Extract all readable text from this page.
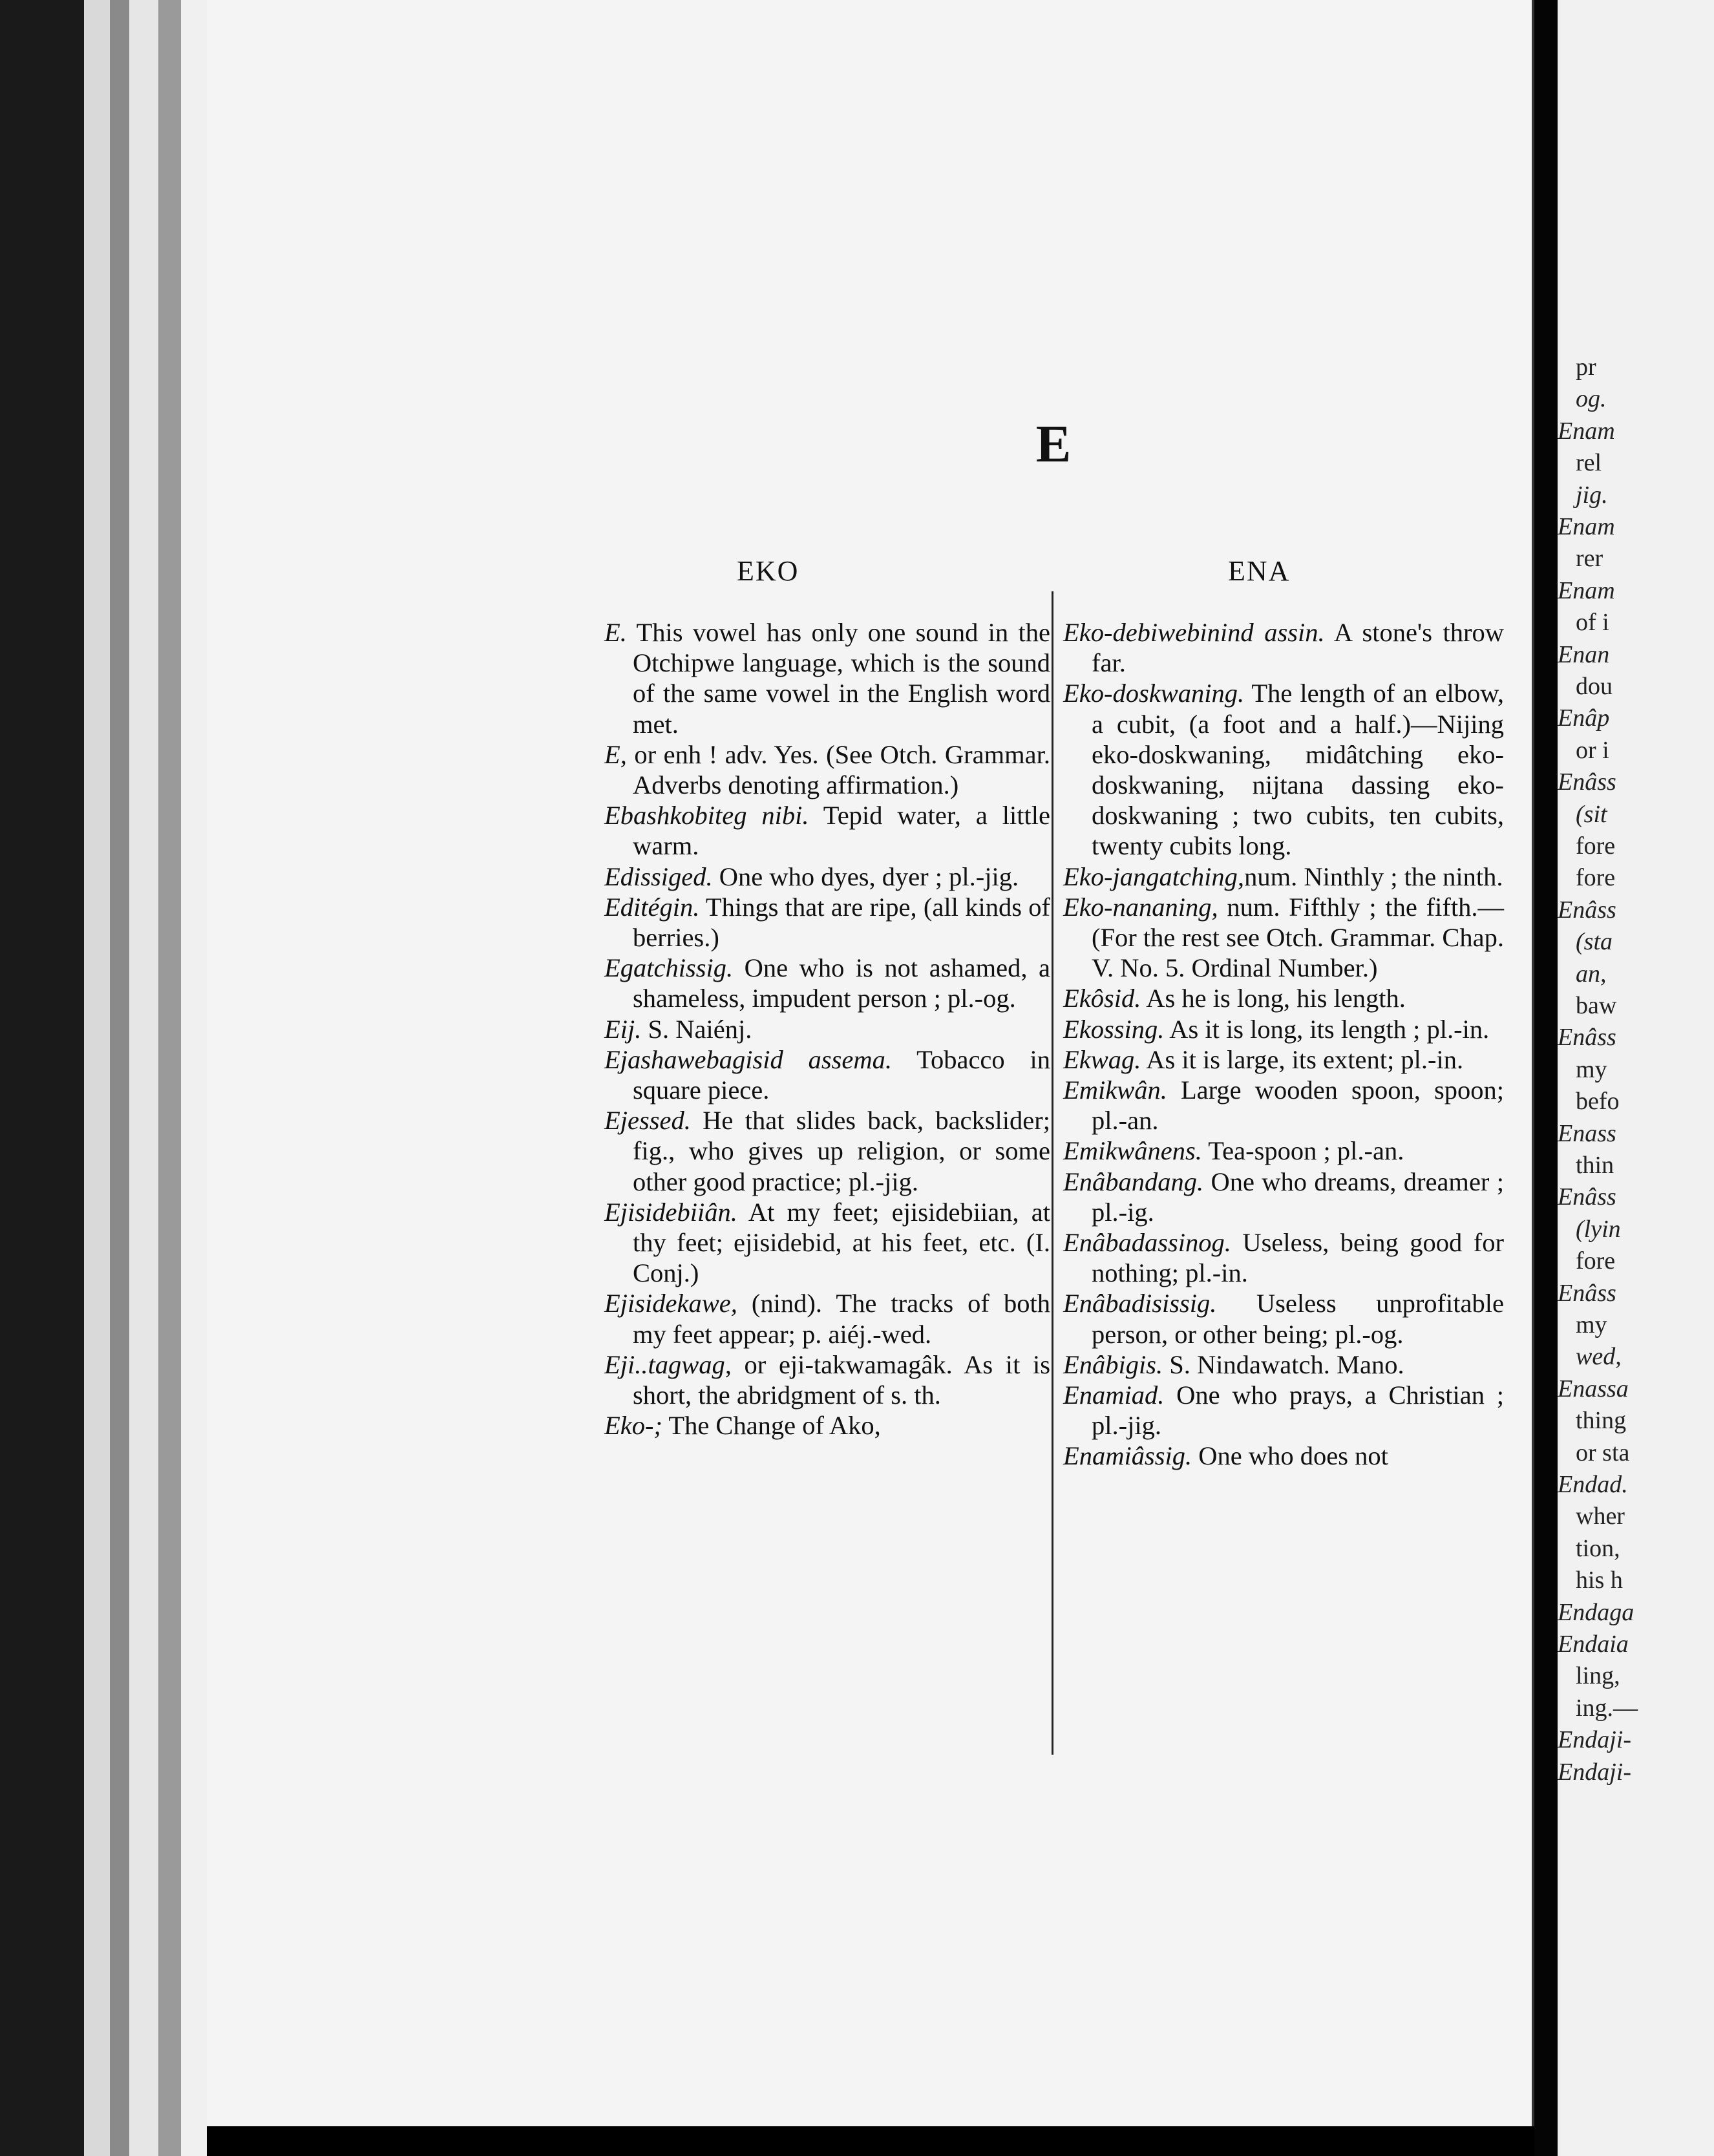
E
EKO	ENA

E. This vowel has only one sound in the Otchipwe language, which is the sound of the same vowel in the English word met.

E, or enh ! adv. Yes. (See Otch. Grammar. Adverbs denoting affirmation.)

Ebashkobiteg nibi. Tepid water, a little warm.

Edissiged. One who dyes, dyer ; pl.-jig.

Editégin. Things that are ripe, (all kinds of berries.)

Egatchissig. One who is not ashamed, a shameless, impudent person ; pl.-og.

Eij. S. Naiénj.

Ejashawebagisid assema. Tobacco in square piece.

Ejessed. He that slides back, backslider; fig., who gives up religion, or some other good practice; pl.-jig.

Ejisidebiiân. At my feet; ejisidebiian, at thy feet; ejisidebid, at his feet, etc. (I. Conj.)

Ejisidekawe, (nind). The tracks of both my feet appear; p. aiéj.-wed.

Eji..tagwag, or eji-takwamagâk. As it is short, the abridgment of s. th.

Eko-; The Change of Ako,

Eko-debiwebinind assin. A stone's throw far.

Eko-doskwaning. The length of an elbow, a cubit, (a foot and a half.)—Nijing eko-doskwaning, midâtching eko-doskwaning, nijtana dassing eko-doskwaning ; two cubits, ten cubits, twenty cubits long.

Eko-jangatching,num. Ninthly ; the ninth.

Eko-nananing, num. Fifthly ; the fifth.—(For the rest see Otch. Grammar. Chap. V. No. 5. Ordinal Number.)

Ekôsid. As he is long, his length.

Ekossing. As it is long, its length ; pl.-in.

Ekwag. As it is large, its extent; pl.-in.

Emikwân. Large wooden spoon, spoon; pl.-an.

Emikwânens. Tea-spoon ; pl.-an.

Enâbandang. One who dreams, dreamer ; pl.-ig.

Enâbadassinog. Useless, being good for nothing; pl.-in.

Enâbadisissig. Useless unprofitable person, or other being; pl.-og.

Enâbigis. S. Nindawatch. Mano.

Enamiad. One who prays, a Christian ; pl.-jig.

Enamiâssig. One who does not

pr
og.
Enam
rel
jig.
Enam
rer
Enam
of i
Enan
dou
Enâp
or i
Enâss
(sit
fore
fore
Enâss
(sta
an,
baw
Enâss
my
befo
Enass
thin
Enâss
(lyin
fore
Enâss
my
wed,
Enassa
thing
or sta
Endad.
wher
tion,
his h
Endaga
Endaia
ling,
ing.—
Endaji-
Endaji-
